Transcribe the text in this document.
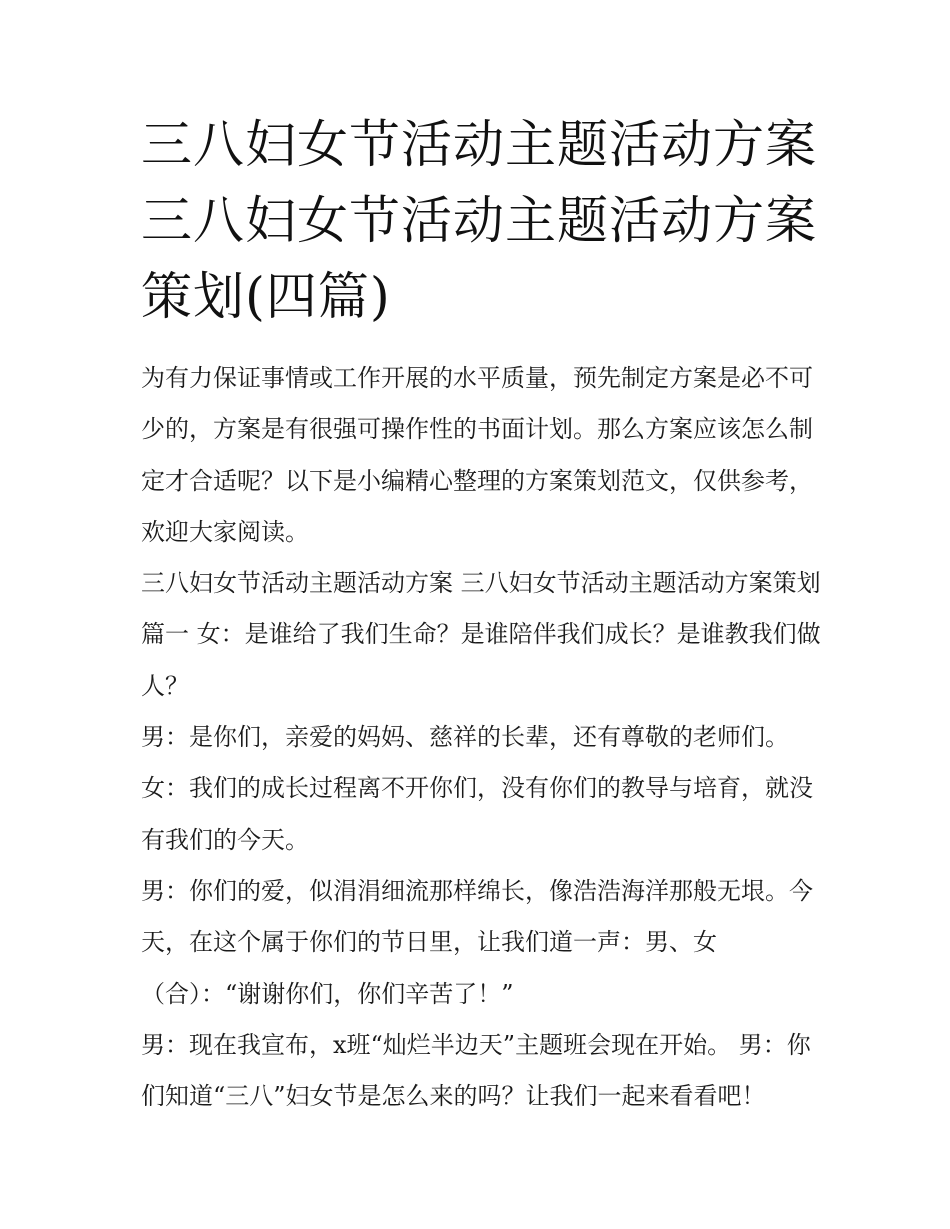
三八妇女节活动主题活动方案 三八妇女节活动主题活动方案策划(四篇)

为有力保证事情或工作开展的水平质量，预先制定方案是必不可少的，方案是有很强可操作性的书面计划。那么方案应该怎么制定才合适呢？以下是小编精心整理的方案策划范文，仅供参考，欢迎大家阅读。

三八妇女节活动主题活动方案 三八妇女节活动主题活动方案策划篇一 女：是谁给了我们生命？是谁陪伴我们成长？是谁教我们做人？

男：是你们，亲爱的妈妈、慈祥的长辈，还有尊敬的老师们。

女：我们的成长过程离不开你们，没有你们的教导与培育，就没有我们的今天。

男：你们的爱，似涓涓细流那样绵长，像浩浩海洋那般无垠。今天，在这个属于你们的节日里，让我们道一声：男、女（合）：“谢谢你们，你们辛苦了！”

男：现在我宣布，x班“灿烂半边天”主题班会现在开始。 男：你们知道“三八”妇女节是怎么来的吗？让我们一起来看看吧！
